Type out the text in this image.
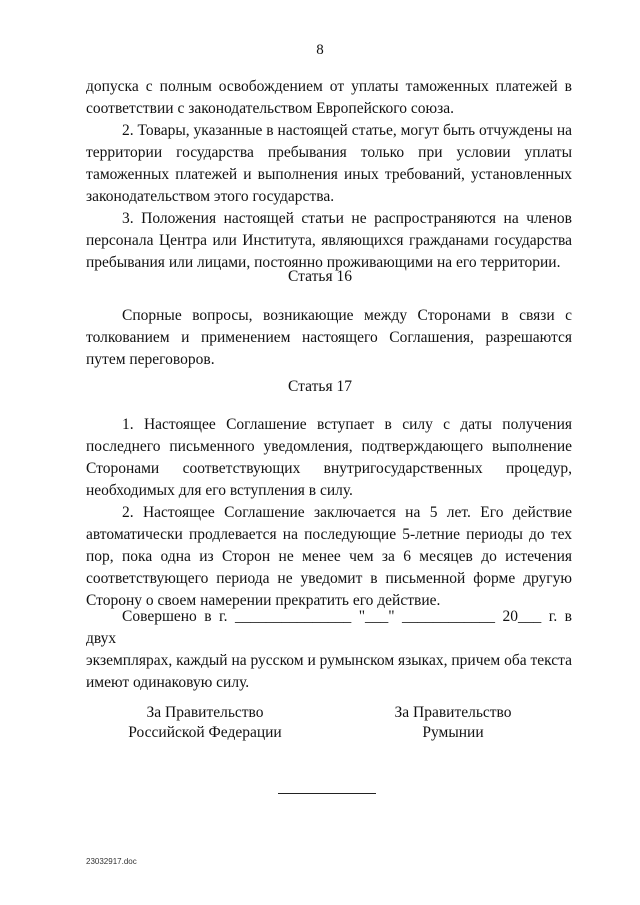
8

допуска с полным освобождением от уплаты таможенных платежей в соответствии с законодательством Европейского союза.

2. Товары, указанные в настоящей статье, могут быть отчуждены на территории государства пребывания только при условии уплаты таможенных платежей и выполнения иных требований, установленных законодательством этого государства.

3. Положения настоящей статьи не распространяются на членов персонала Центра или Института, являющихся гражданами государства пребывания или лицами, постоянно проживающими на его территории.

Статья 16

Спорные вопросы, возникающие между Сторонами в связи с толкованием и применением настоящего Соглашения, разрешаются путем переговоров.

Статья 17

1. Настоящее Соглашение вступает в силу с даты получения последнего письменного уведомления, подтверждающего выполнение Сторонами соответствующих внутригосударственных процедур, необходимых для его вступления в силу.

2. Настоящее Соглашение заключается на 5 лет. Его действие автоматически продлевается на последующие 5-летние периоды до тех пор, пока одна из Сторон не менее чем за 6 месяцев до истечения соответствующего периода не уведомит в письменной форме другую Сторону о своем намерении прекратить его действие.

Совершено в г. _______________ "___" ____________ 20___ г. в двух

экземплярах, каждый на русском и румынском языках, причем оба текста имеют одинаковую силу.

За Правительство
Российской Федерации
За Правительство
Румынии
23032917.doc
